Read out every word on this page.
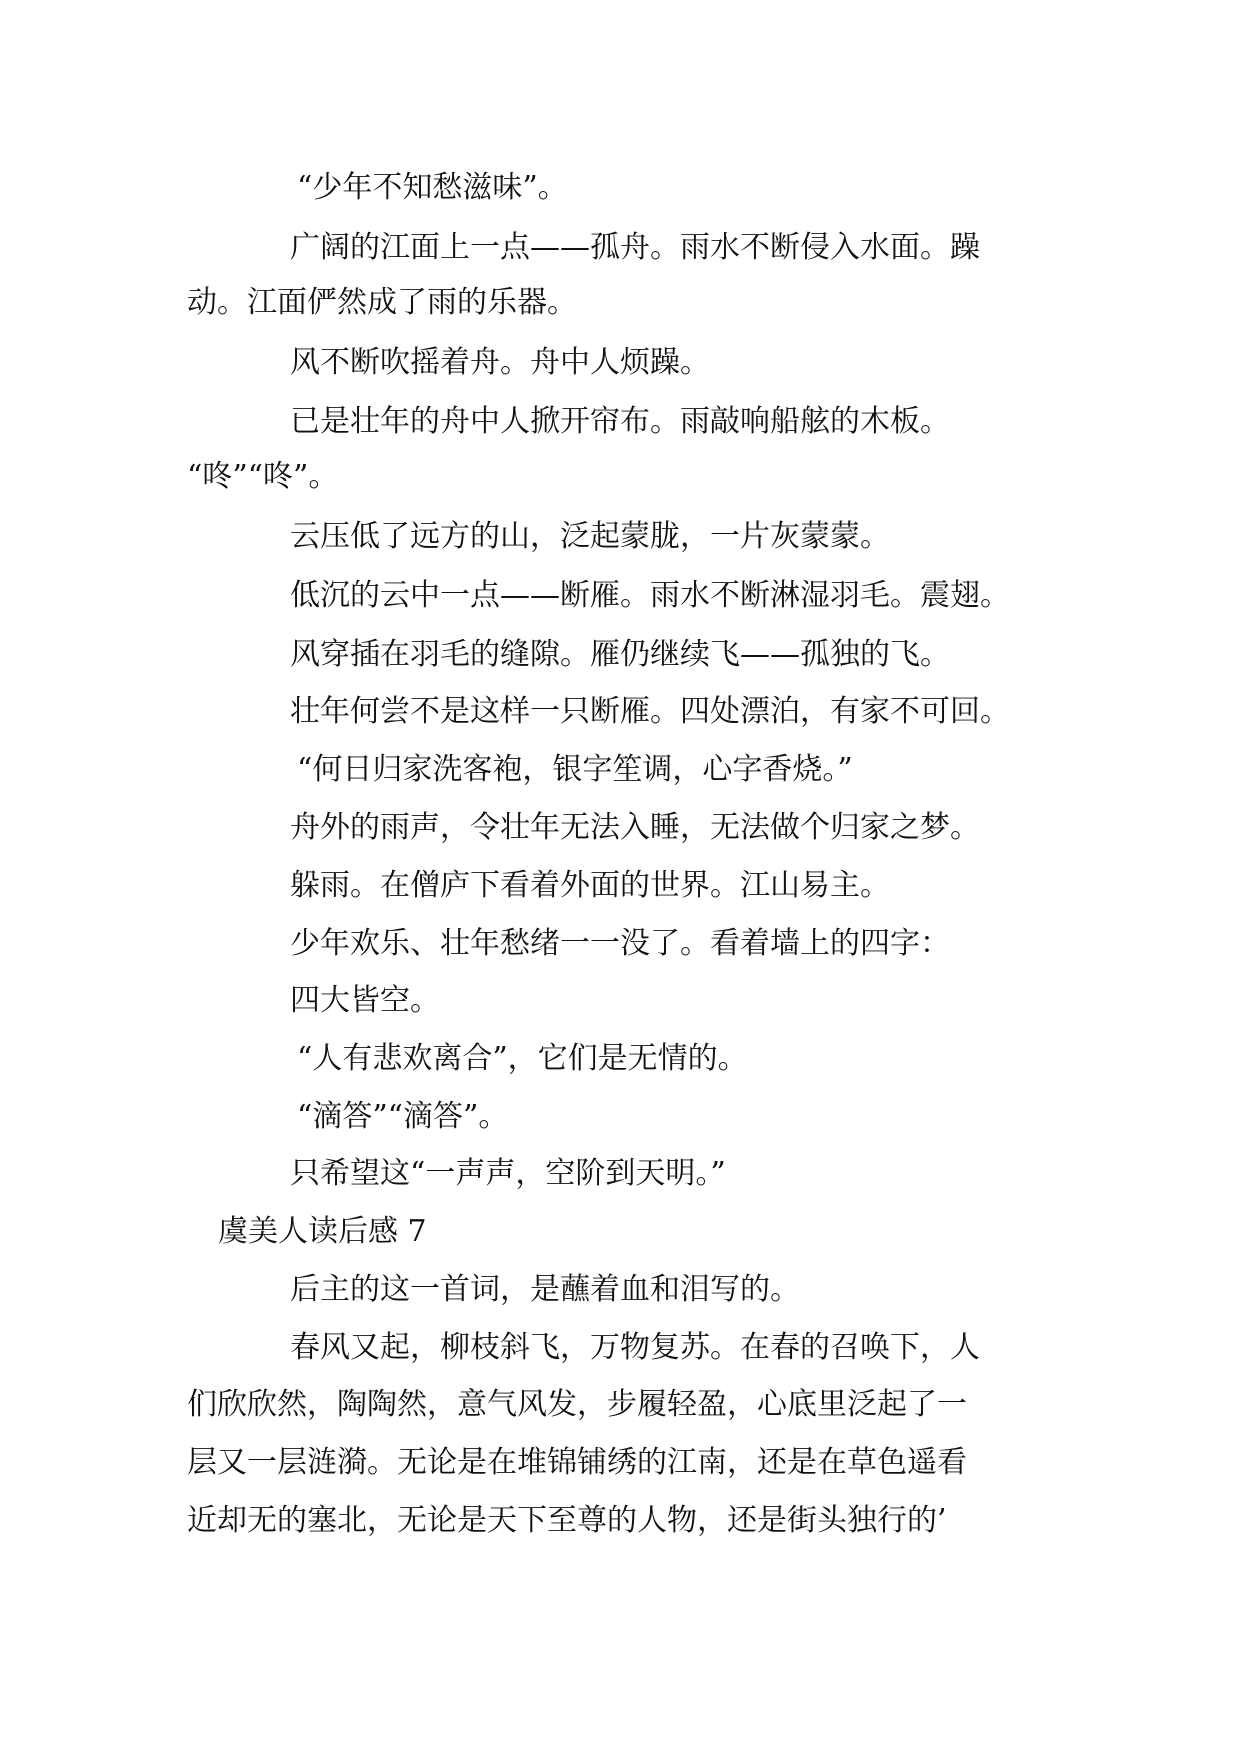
“少年不知愁滋味”。
广阔的江面上一点——孤舟。雨水不断侵入水面。躁
动。江面俨然成了雨的乐器。
风不断吹摇着舟。舟中人烦躁。
已是壮年的舟中人掀开帘布。雨敲响船舷的木板。
“咚”“咚”。
云压低了远方的山，泛起蒙胧，一片灰蒙蒙。
低沉的云中一点——断雁。雨水不断淋湿羽毛。震翅。
风穿插在羽毛的缝隙。雁仍继续飞——孤独的飞。
壮年何尝不是这样一只断雁。四处漂泊，有家不可回。
“何日归家洗客袍，银字笙调，心字香烧。”
舟外的雨声，令壮年无法入睡，无法做个归家之梦。
躲雨。在僧庐下看着外面的世界。江山易主。
少年欢乐、壮年愁绪一一没了。看着墙上的四字：
四大皆空。
“人有悲欢离合”，它们是无情的。
“滴答”“滴答”。
只希望这“一声声，空阶到天明。”
虞美人读后感 7
后主的这一首词，是蘸着血和泪写的。
春风又起，柳枝斜飞，万物复苏。在春的召唤下，人
们欣欣然，陶陶然，意气风发，步履轻盈，心底里泛起了一
层又一层涟漪。无论是在堆锦铺绣的江南，还是在草色遥看
近却无的塞北，无论是天下至尊的人物，还是街头独行的’
